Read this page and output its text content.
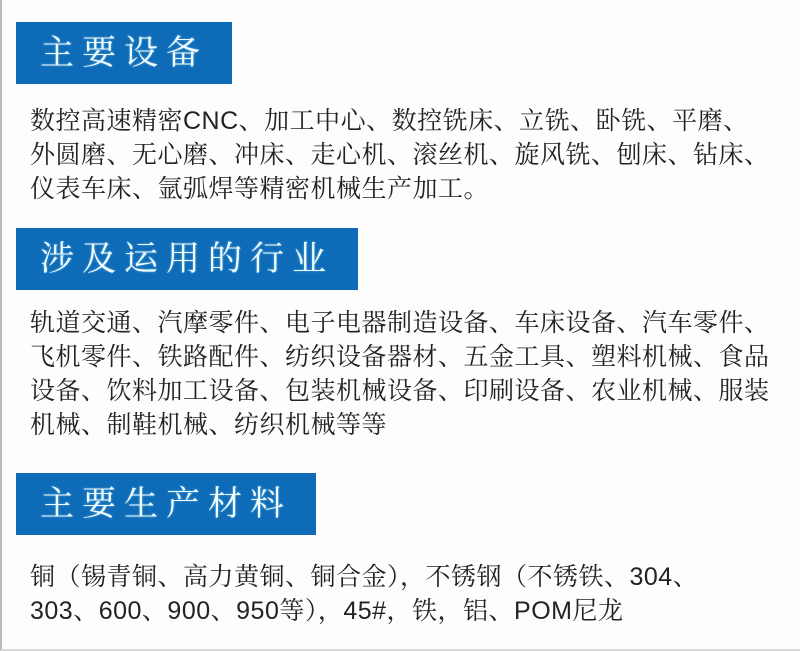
主要设备
数控高速精密CNC、加工中心、数控铣床、立铣、卧铣、平磨、
外圆磨、无心磨、冲床、走心机、滚丝机、旋风铣、刨床、钻床、
仪表车床、氩弧焊等精密机械生产加工。
涉及运用的行业
轨道交通、汽摩零件、电子电器制造设备、车床设备、汽车零件、
飞机零件、铁路配件、纺织设备器材、五金工具、塑料机械、食品
设备、饮料加工设备、包装机械设备、印刷设备、农业机械、服装
机械、制鞋机械、纺织机械等等
主要生产材料
铜（锡青铜、高力黄铜、铜合金），不锈钢（不锈铁、304、
303、600、900、950等），45#，铁，铝、POM尼龙
